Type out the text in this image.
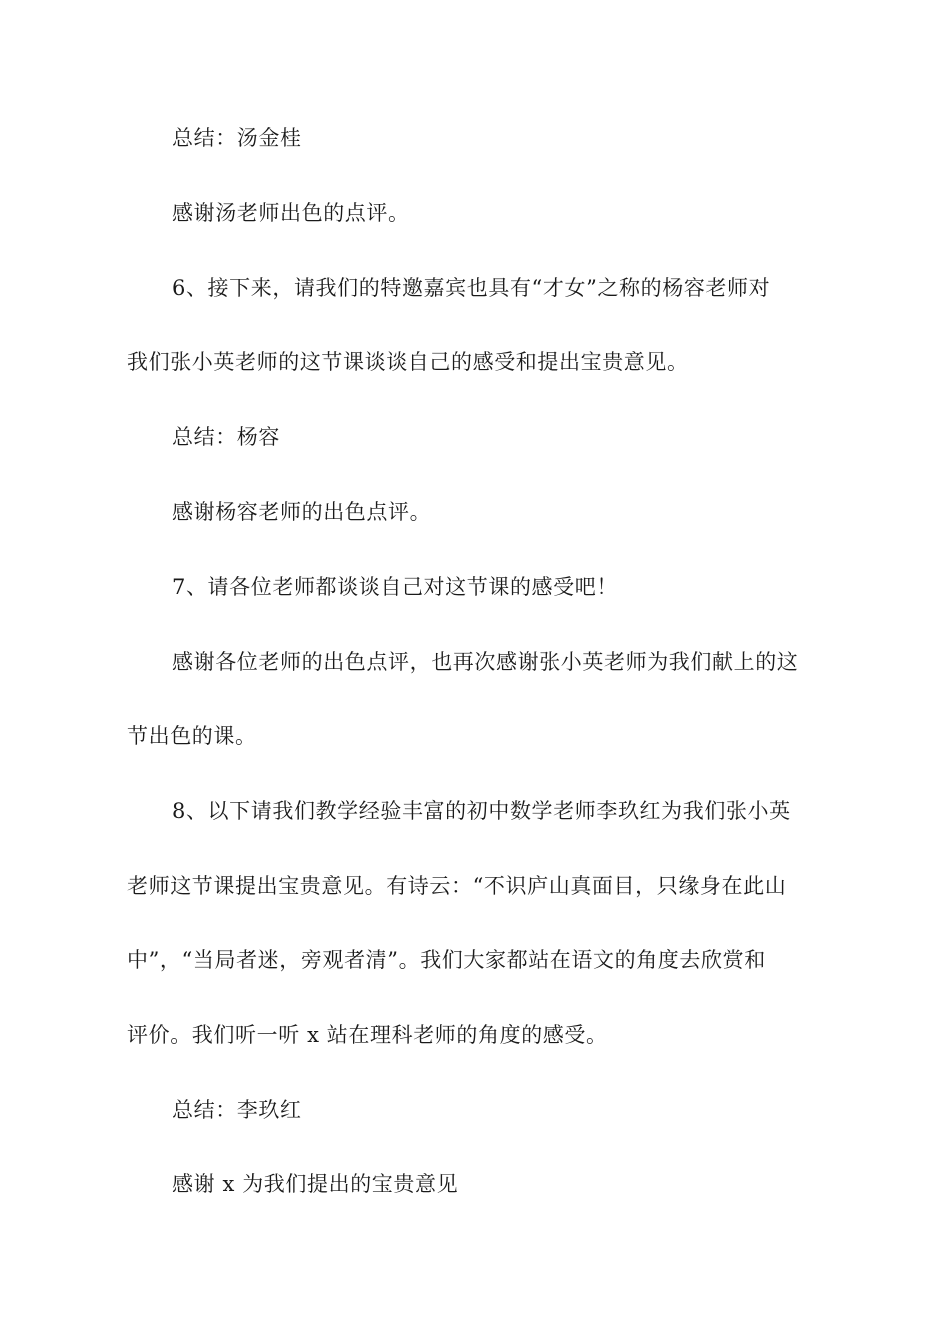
总结：汤金桂
感谢汤老师出色的点评。
6、接下来，请我们的特邀嘉宾也具有“才女”之称的杨容老师对
我们张小英老师的这节课谈谈自己的感受和提出宝贵意见。
总结：杨容
感谢杨容老师的出色点评。
7、请各位老师都谈谈自己对这节课的感受吧！
感谢各位老师的出色点评，也再次感谢张小英老师为我们献上的这
节出色的课。
8、以下请我们教学经验丰富的初中数学老师李玖红为我们张小英
老师这节课提出宝贵意见。有诗云：“不识庐山真面目，只缘身在此山
中”，“当局者迷，旁观者清”。我们大家都站在语文的角度去欣赏和
评价。我们听一听 x 站在理科老师的角度的感受。
总结：李玖红
感谢 x 为我们提出的宝贵意见
